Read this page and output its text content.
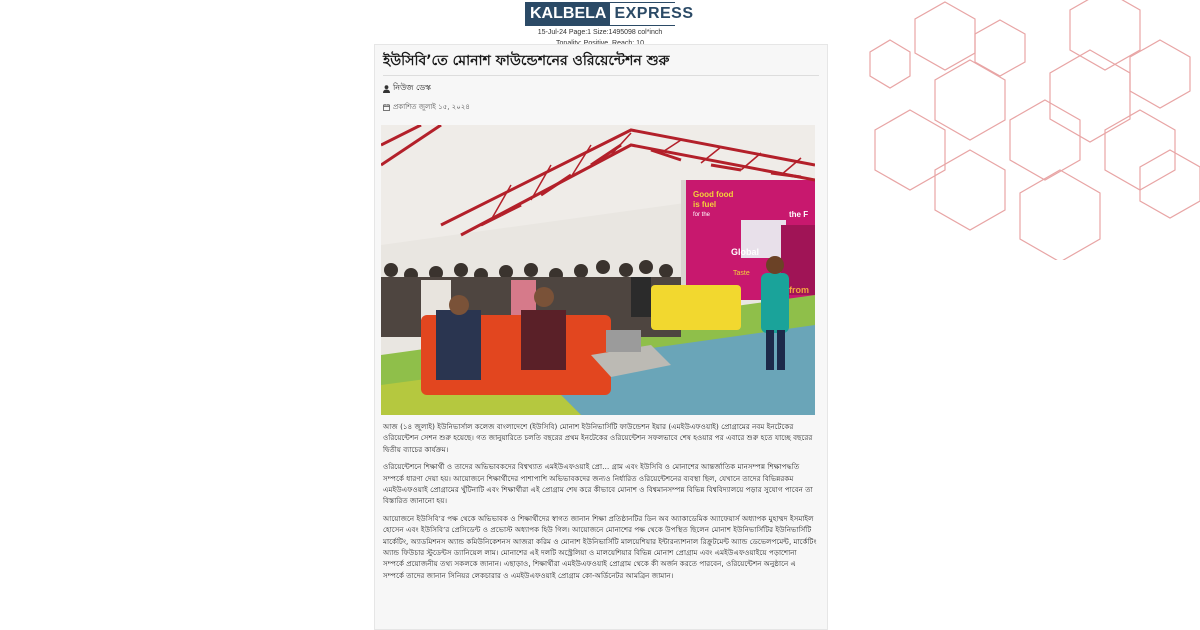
KALBELA EXPRESS
15-Jul-24 Page:1 Size:1495098 col*inch
ইউসিবি’তে মোনাশ ফাউন্ডেশনের ওরিয়েন্টেশন শুরু
নিউজ ডেস্ক
প্রকাশিত জুলাই ১৫, ২০২৪
Good food
is fuel
for the
Global
Taste
the F
from

আজ (১৪ জুলাই) ইউনিভার্সাল কলেজ বাংলাদেশে (ইউসিবি) মোনাশ ইউনিভার্সিটি ফাউন্ডেশন ইয়ার (এমইউএফওয়াই) প্রোগ্রামের নবম ইনটেকের ওরিয়েন্টেশন সেশন শুরু হয়েছে। গত জানুয়ারিতে চলতি বছরের প্রথম ইনটেকের ওরিয়েন্টেশন সফলভাবে শেষ হওয়ার পর এবারে শুরু হতে যাচ্ছে বছরের দ্বিতীয় ব্যাচের কার্যক্রম।

ওরিয়েন্টেশনে শিক্ষার্থী ও তাদের অভিভাবকদের বিশ্বখ্যাত এমইউএফওয়াই প্রো… গ্রাম এবং ইউসিবি ও মোনাশের আন্তর্জাতিক মানসম্পন্ন শিক্ষাপদ্ধতি সম্পর্কে ধারণা দেয়া হয়। আয়োজনে শিক্ষার্থীদের পাশাপাশি অভিভাবকদের জন্যও নির্ধারিত ওরিয়েন্টেশনের ব্যবস্থা ছিল, যেখানে তাদের বিভিন্নরকম এমইউএফওয়াই প্রোগ্রামের খুঁটিনাটি এবং শিক্ষার্থীরা এই প্রোগ্রাম শেষ করে কীভাবে মোনাশ ও বিশ্বমানসম্পন্ন বিভিন্ন বিশ্ববিদ্যালয়ে পড়ার সুযোগ পাবেন তা বিস্তারিত জানানো হয়।

আয়োজনে ইউসিবি’র পক্ষ থেকে অভিভাবক ও শিক্ষার্থীদের স্বাগত জানান শিক্ষা প্রতিষ্ঠানটির ডিন অব অ্যাকাডেমিক অ্যাফেয়ার্স অধ্যাপক মুহাম্মদ ইসমাইল হোসেন এবং ইউসিবি’র প্রেসিডেন্ট ও প্রভোস্ট অধ্যাপক হিউ গিল। আয়োজনে মোনাশের পক্ষ থেকে উপস্থিত ছিলেন মোনাশ ইউনিভার্সিটির ইউনিভার্সিটি মার্কেটিং, অ্যাডমিশনস অ্যান্ড কমিউনিকেশনস আজরা করিম ও মোনাশ ইউনিভার্সিটি মালয়েশিয়ার ইন্টারন্যাশনাল রিক্রুটমেন্ট অ্যান্ড ডেভেলপমেন্ট, মার্কেটিং অ্যান্ড ফিউচার স্টুডেন্টস ড্যানিয়েল লাম। মোনাশের এই দলটি অস্ট্রেলিয়া ও মালয়েশিয়ার বিভিন্ন মোনাশ প্রোগ্রাম এবং এমইউএফওয়াইয়ে পড়াশোনা সম্পর্কে প্রয়োজনীয় তথ্য সকলকে জানান। এছাড়াও, শিক্ষার্থীরা এমইউএফওয়াই প্রোগ্রাম থেকে কী অর্জন করতে পারবেন, ওরিয়েন্টেশন অনুষ্ঠানে এ সম্পর্কে তাদের জানান সিনিয়র লেকচারার ও এমইউএফওয়াই প্রোগ্রাম কো-অর্ডিনেটর আমব্রিন জামান।
